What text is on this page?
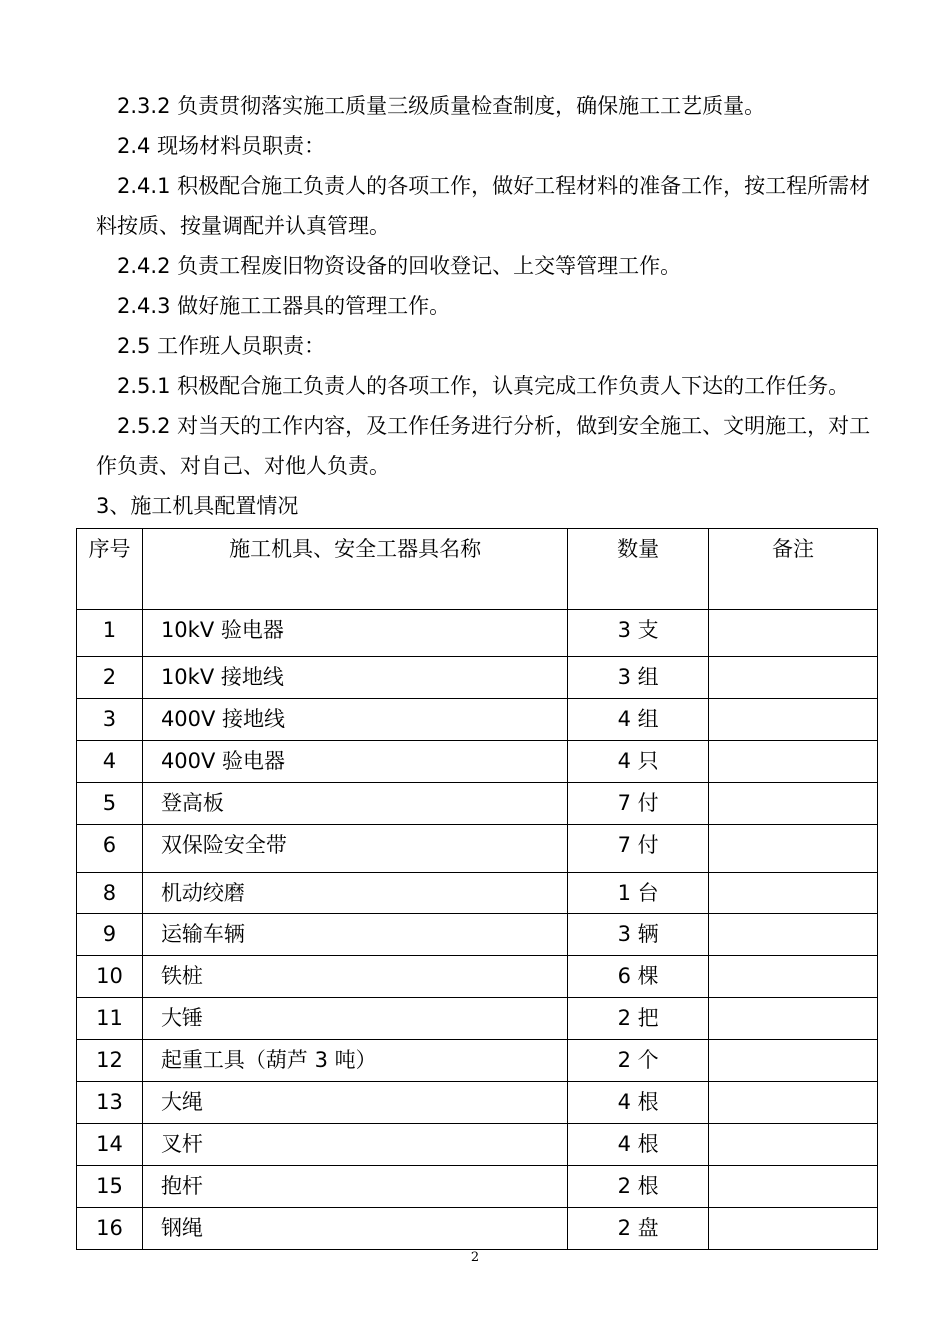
2.3.2 负责贯彻落实施工质量三级质量检查制度，确保施工工艺质量。

2.4 现场材料员职责：

2.4.1 积极配合施工负责人的各项工作，做好工程材料的准备工作，按工程所需材料按质、按量调配并认真管理。

2.4.2 负责工程废旧物资设备的回收登记、上交等管理工作。

2.4.3 做好施工工器具的管理工作。

2.5 工作班人员职责：

2.5.1 积极配合施工负责人的各项工作，认真完成工作负责人下达的工作任务。

2.5.2 对当天的工作内容，及工作任务进行分析，做到安全施工、文明施工，对工作负责、对自己、对他人负责。

3、施工机具配置情况
序号	施工机具、安全工器具名称	数量	备注
1	10kV 验电器	3 支	
2	10kV 接地线	3 组	
3	400V 接地线	4 组	
4	400V 验电器	4 只	
5	登高板	7 付	
6	双保险安全带	7 付	
8	机动绞磨	1 台	
9	运输车辆	3 辆	
10	铁桩	6 棵	
11	大锤	2 把	
12	起重工具（葫芦 3 吨）	2 个	
13	大绳	4 根	
14	叉杆	4 根	
15	抱杆	2 根	
16	钢绳	2 盘	
2
